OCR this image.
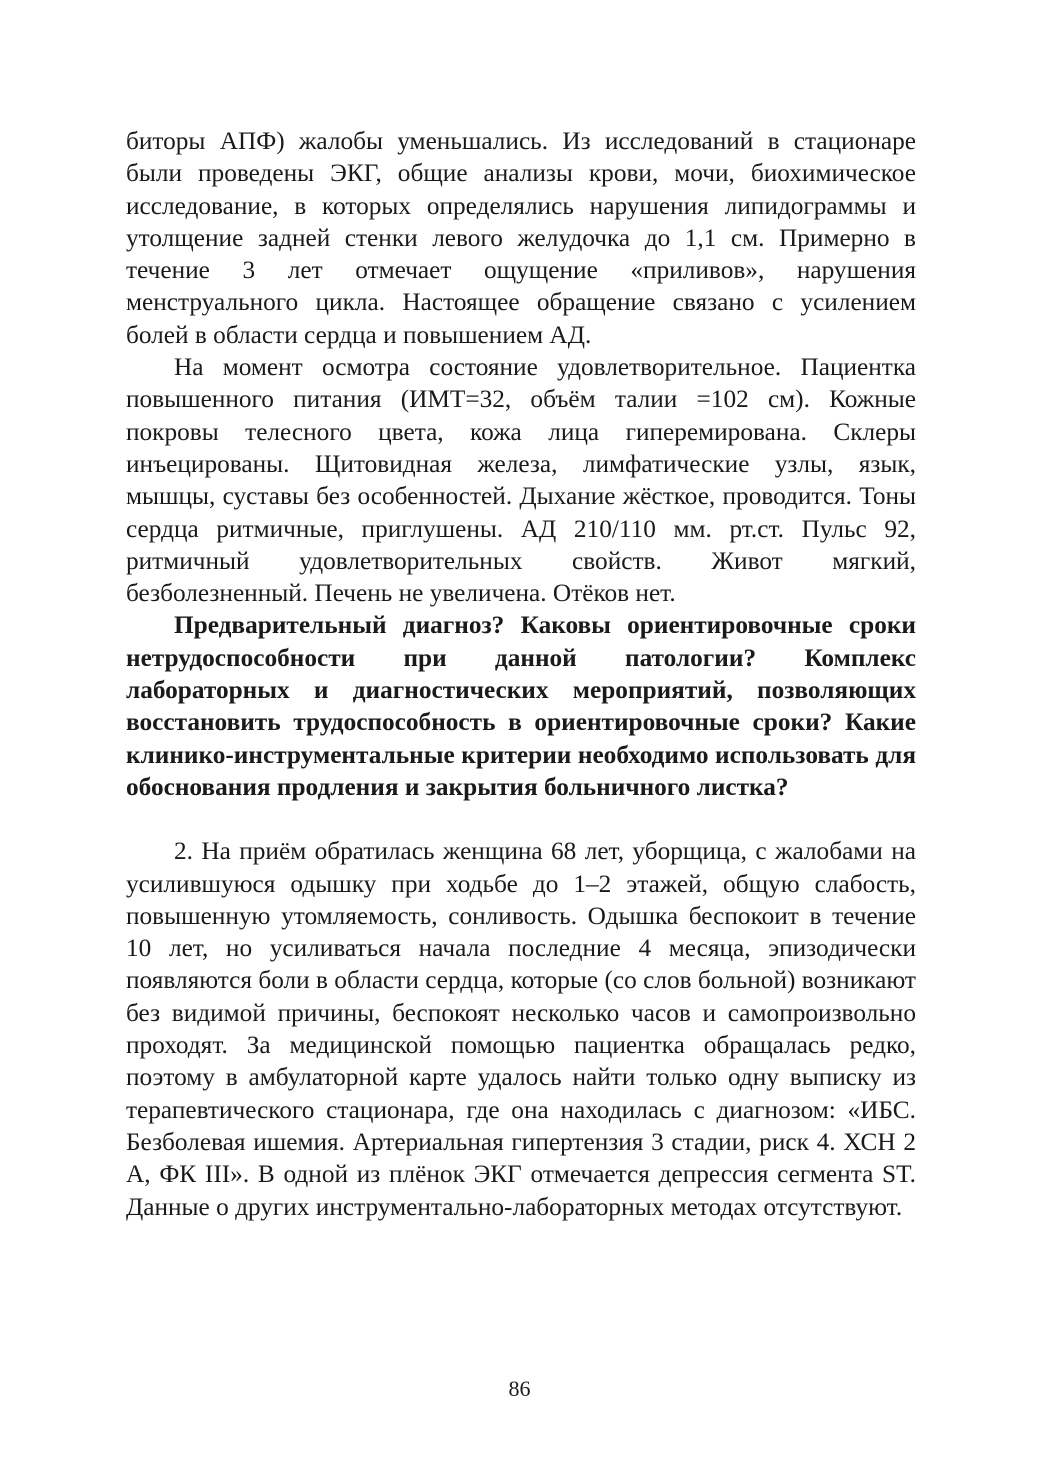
биторы АПФ) жалобы уменьшались. Из исследований в стационаре были проведены ЭКГ, общие анализы крови, мочи, биохимическое исследование, в которых определялись нарушения липидограммы и утолщение задней стенки левого желудочка до 1,1 см. Примерно в течение 3 лет отмечает ощущение «приливов», нарушения менструального цикла. Настоящее обращение связано с усилением болей в области сердца и повышением АД.

На момент осмотра состояние удовлетворительное. Пациентка повышенного питания (ИМТ=32, объём талии =102 см). Кожные покровы телесного цвета, кожа лица гиперемирована. Склеры инъецированы. Щитовидная железа, лимфатические узлы, язык, мышцы, суставы без особенностей. Дыхание жёсткое, проводится. Тоны сердца ритмичные, приглушены. АД 210/110 мм. рт.ст. Пульс 92, ритмичный удовлетворительных свойств. Живот мягкий, безболезненный. Печень не увеличена. Отёков нет.

Предварительный диагноз? Каковы ориентировочные сроки нетрудоспособности при данной патологии? Комплекс лабораторных и диагностических мероприятий, позволяющих восстановить трудоспособность в ориентировочные сроки? Какие клинико-инструментальные критерии необходимо использовать для обоснования продления и закрытия больничного листка?

2. На приём обратилась женщина 68 лет, уборщица, с жалобами на усилившуюся одышку при ходьбе до 1–2 этажей, общую слабость, повышенную утомляемость, сонливость. Одышка беспокоит в течение 10 лет, но усиливаться начала последние 4 месяца, эпизодически появляются боли в области сердца, которые (со слов больной) возникают без видимой причины, беспокоят несколько часов и самопроизвольно проходят. За медицинской помощью пациентка обращалась редко, поэтому в амбулаторной карте удалось найти только одну выписку из терапевтического стационара, где она находилась с диагнозом: «ИБС. Безболевая ишемия. Артериальная гипертензия 3 стадии, риск 4. ХСН 2 А, ФК III». В одной из плёнок ЭКГ отмечается депрессия сегмента ST. Данные о других инструментально-лабораторных методах отсутствуют.

86
